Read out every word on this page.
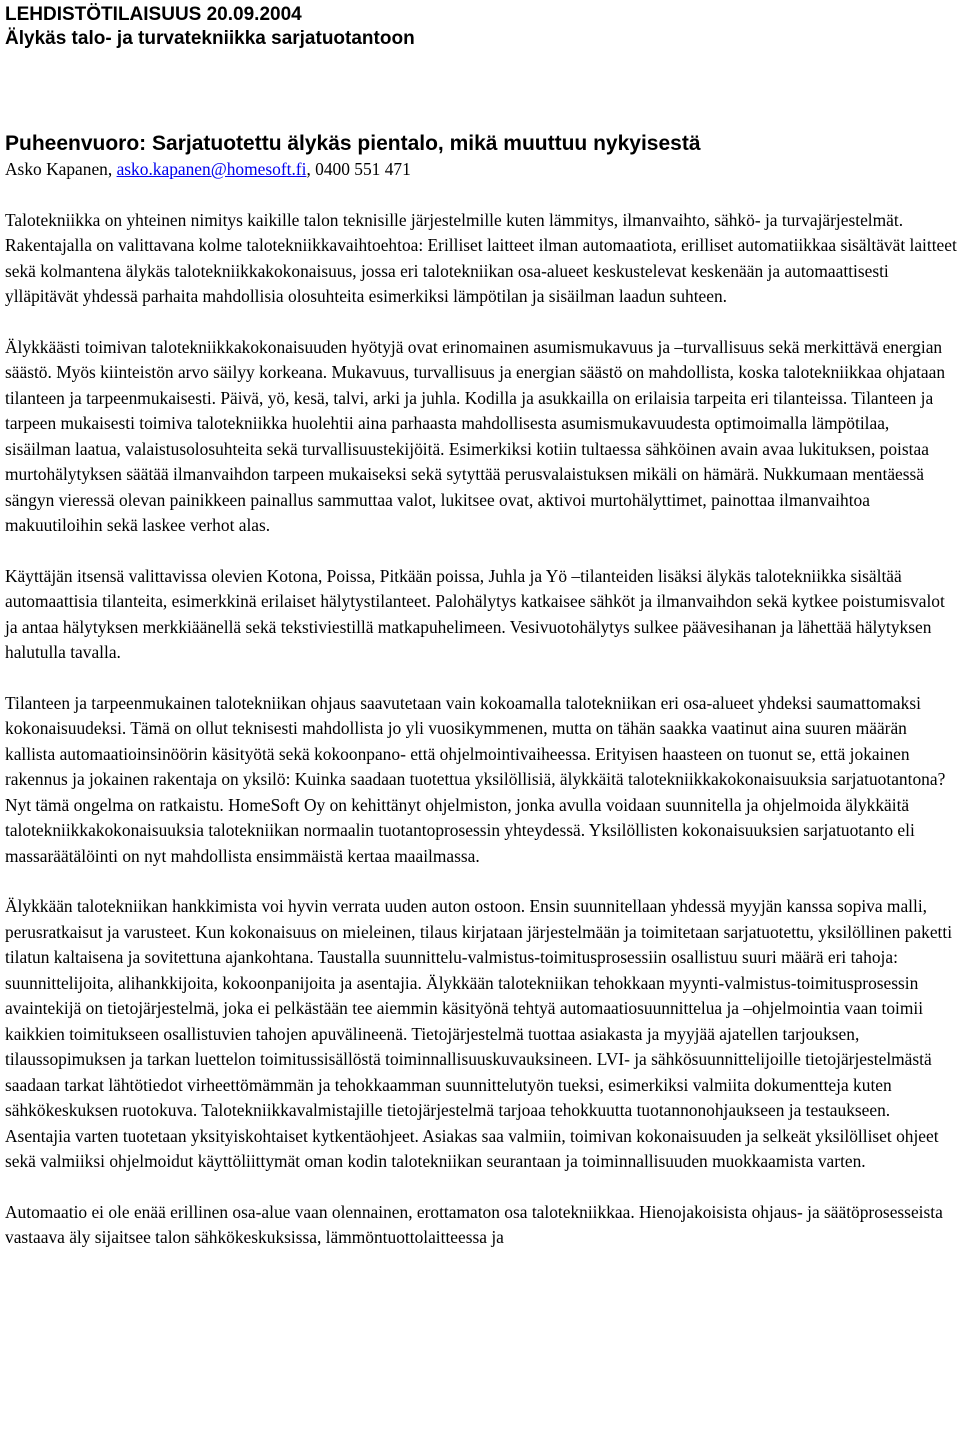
LEHDISTÖTILAISUUS 20.09.2004

Älykäs talo- ja turvatekniikka sarjatuotantoon

Puheenvuoro: Sarjatuotettu älykäs pientalo, mikä muuttuu nykyisestä

Asko Kapanen, asko.kapanen@homesoft.fi, 0400 551 471

Talotekniikka on yhteinen nimitys kaikille talon teknisille järjestelmille kuten lämmitys, ilmanvaihto, sähkö- ja turvajärjestelmät. Rakentajalla on valittavana kolme talotekniikkavaihtoehtoa: Erilliset laitteet ilman automaatiota, erilliset automatiikkaa sisältävät laitteet sekä kolmantena älykäs talotekniikkakokonaisuus, jossa eri talotekniikan osa-alueet keskustelevat keskenään ja automaattisesti ylläpitävät yhdessä parhaita mahdollisia olosuhteita esimerkiksi lämpötilan ja sisäilman laadun suhteen.

Älykkäästi toimivan talotekniikkakokonaisuuden hyötyjä ovat erinomainen asumismukavuus ja –turvallisuus sekä merkittävä energian säästö. Myös kiinteistön arvo säilyy korkeana. Mukavuus, turvallisuus ja energian säästö on mahdollista, koska talotekniikkaa ohjataan tilanteen ja tarpeenmukaisesti. Päivä, yö, kesä, talvi, arki ja juhla. Kodilla ja asukkailla on erilaisia tarpeita eri tilanteissa. Tilanteen ja tarpeen mukaisesti toimiva talotekniikka huolehtii aina parhaasta mahdollisesta asumismukavuudesta optimoimalla lämpötilaa, sisäilman laatua, valaistusolosuhteita sekä turvallisuustekijöitä. Esimerkiksi kotiin tultaessa sähköinen avain avaa lukituksen, poistaa murtohälytyksen säätää ilmanvaihdon tarpeen mukaiseksi sekä sytyttää perusvalaistuksen mikäli on hämärä. Nukkumaan mentäessä sängyn vieressä olevan painikkeen painallus sammuttaa valot, lukitsee ovat, aktivoi murtohälyttimet, painottaa ilmanvaihtoa makuutiloihin sekä laskee verhot alas.

Käyttäjän itsensä valittavissa olevien Kotona, Poissa, Pitkään poissa, Juhla ja Yö –tilanteiden lisäksi älykäs talotekniikka sisältää automaattisia tilanteita, esimerkkinä erilaiset hälytystilanteet. Palohälytys katkaisee sähköt ja ilmanvaihdon sekä kytkee poistumisvalot ja antaa hälytyksen merkkiäänellä sekä tekstiviestillä matkapuhelimeen. Vesivuotohälytys sulkee päävesihanan ja lähettää hälytyksen halutulla tavalla.

Tilanteen ja tarpeenmukainen talotekniikan ohjaus saavutetaan vain kokoamalla talotekniikan eri osa-alueet yhdeksi saumattomaksi kokonaisuudeksi. Tämä on ollut teknisesti mahdollista jo yli vuosikymmenen, mutta on tähän saakka vaatinut aina suuren määrän kallista automaatioinsinöörin käsityötä sekä kokoonpano- että ohjelmointivaiheessa. Erityisen haasteen on tuonut se, että jokainen rakennus ja jokainen rakentaja on yksilö: Kuinka saadaan tuotettua yksilöllisiä, älykkäitä talotekniikkakokonaisuuksia sarjatuotantona? Nyt tämä ongelma on ratkaistu. HomeSoft Oy on kehittänyt ohjelmiston, jonka avulla voidaan suunnitella ja ohjelmoida älykkäitä talotekniikkakokonaisuuksia talotekniikan normaalin tuotantoprosessin yhteydessä. Yksilöllisten kokonaisuuksien sarjatuotanto eli massaräätälöinti on nyt mahdollista ensimmäistä kertaa maailmassa.

Älykkään talotekniikan hankkimista voi hyvin verrata uuden auton ostoon. Ensin suunnitellaan yhdessä myyjän kanssa sopiva malli, perusratkaisut ja varusteet. Kun kokonaisuus on mieleinen, tilaus kirjataan järjestelmään ja toimitetaan sarjatuotettu, yksilöllinen paketti tilatun kaltaisena ja sovitettuna ajankohtana. Taustalla suunnittelu-valmistus-toimitusprosessiin osallistuu suuri määrä eri tahoja: suunnittelijoita, alihankkijoita, kokoonpanijoita ja asentajia. Älykkään talotekniikan tehokkaan myynti-valmistus-toimitusprosessin avaintekijä on tietojärjestelmä, joka ei pelkästään tee aiemmin käsityönä tehtyä automaatiosuunnittelua ja –ohjelmointia vaan toimii kaikkien toimitukseen osallistuvien tahojen apuvälineenä. Tietojärjestelmä tuottaa asiakasta ja myyjää ajatellen tarjouksen, tilaussopimuksen ja tarkan luettelon toimitussisällöstä toiminnallisuuskuvauksineen. LVI- ja sähkösuunnittelijoille tietojärjestelmästä saadaan tarkat lähtötiedot virheettömämmän ja tehokkaamman suunnittelutyön tueksi, esimerkiksi valmiita dokumentteja kuten sähkökeskuksen ruotokuva. Talotekniikkavalmistajille tietojärjestelmä tarjoaa tehokkuutta tuotannonohjaukseen ja testaukseen. Asentajia varten tuotetaan yksityiskohtaiset kytkentäohjeet. Asiakas saa valmiin, toimivan kokonaisuuden ja selkeät yksilölliset ohjeet sekä valmiiksi ohjelmoidut käyttöliittymät oman kodin talotekniikan seurantaan ja toiminnallisuuden muokkaamista varten.

Automaatio ei ole enää erillinen osa-alue vaan olennainen, erottamaton osa talotekniikkaa. Hienojakoisista ohjaus- ja säätöprosesseista vastaava äly sijaitsee talon sähkökeskuksissa, lämmöntuottolaitteessa ja
